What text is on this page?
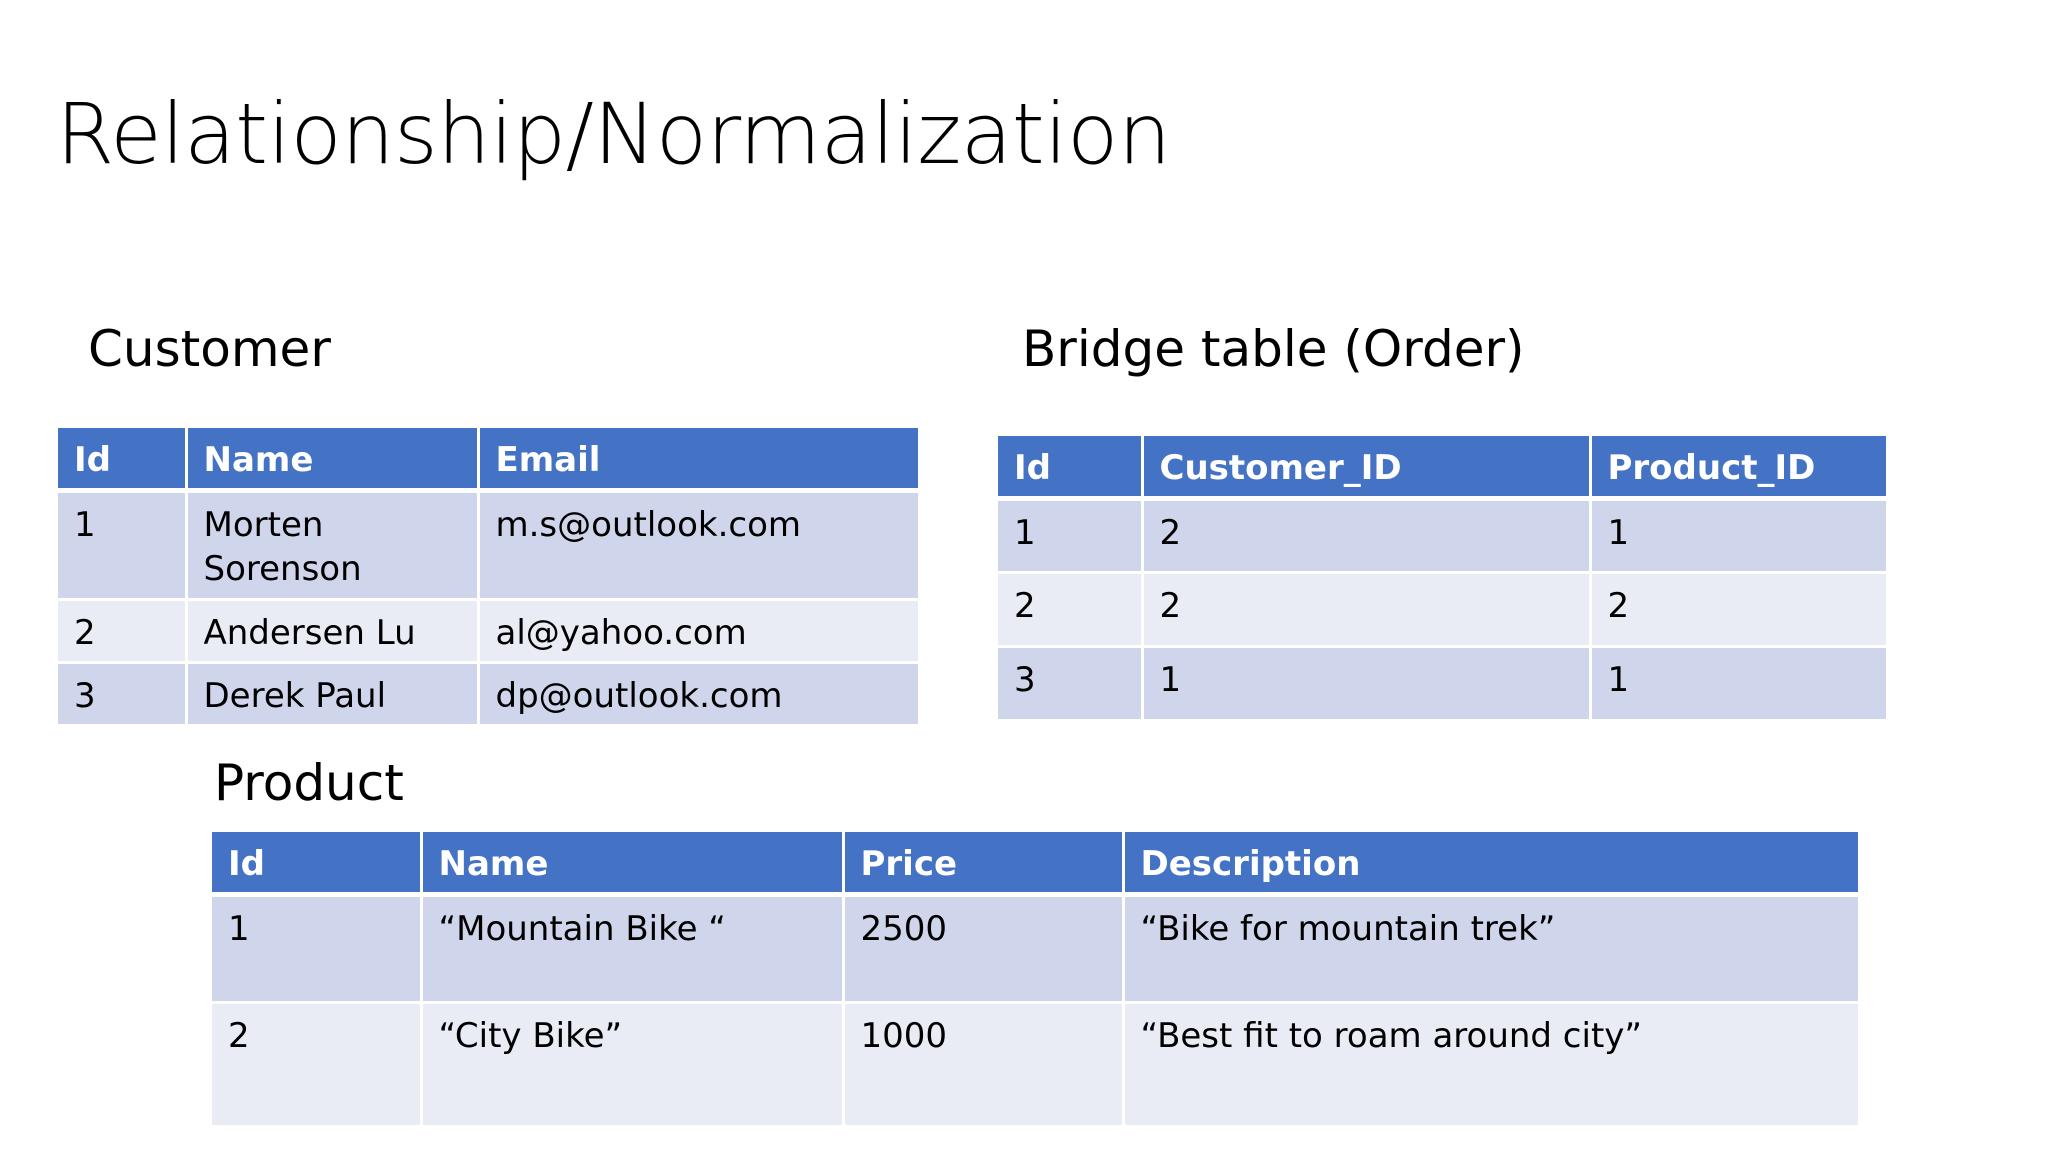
Relationship/Normalization
Customer
Id	Name	Email
1	Morten Sorenson	m.s@outlook.com
2	Andersen Lu	al@yahoo.com
3	Derek Paul	dp@outlook.com
Bridge table (Order)
Id	Customer_ID	Product_ID
1	2	1
2	2	2
3	1	1
Product
Id	Name	Price	Description
1	“Mountain Bike “	2500	“Bike for mountain trek”
2	“City Bike”	1000	“Best fit to roam around city”
